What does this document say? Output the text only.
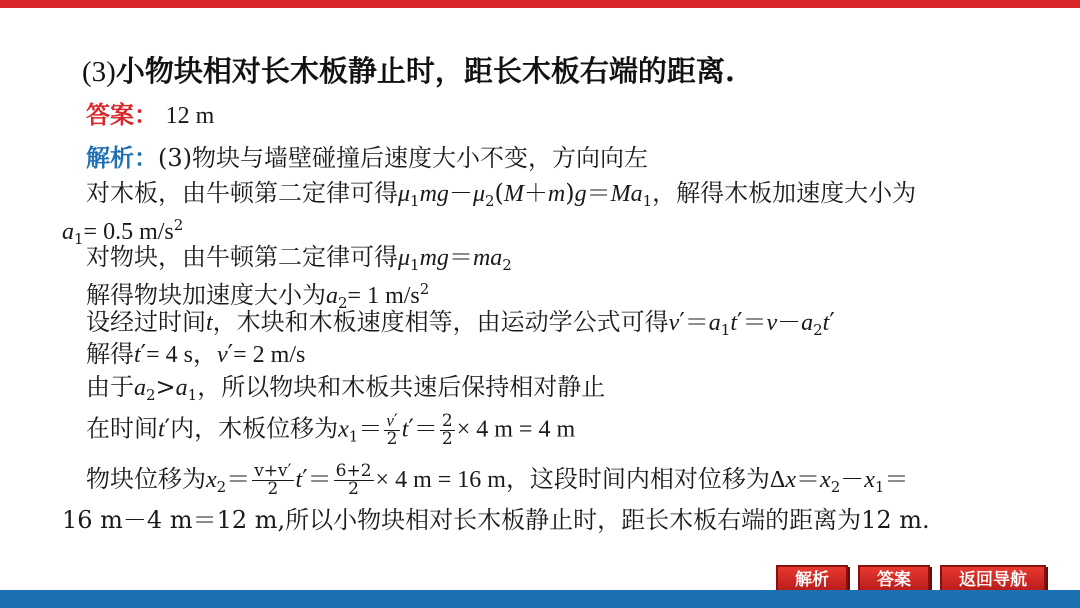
(3)小物块相对长木板静止时，距长木板右端的距离.
答案： 12 m
解析：(3)物块与墙壁碰撞后速度大小不变，方向向左
对木板，由牛顿第二定律可得$\mu_1mg-\mu_2(M+m)g=Ma_1$，解得木板加速度大小为
$a_1= 0.5$ $m/s^2$
对物块，由牛顿第二定律可得$\mu_1mg=ma_2$
解得物块加速度大小为$a_2= 1$ $m/s^2$
设经过时间t，木块和木板速度相等，由运动学公式可得$v'=a_1t'=v-a_2t'$
解得t′= 4 s，v′= 2 m/s
由于$a_2>a_1$，所以物块和木板共速后保持相对静止
在时间t′内，木板位移为$x_1= \frac{v'}{2} t'= \frac{2}{2} \times 4$ m = 4 m
物块位移为$x_2= \frac{v+v'}{2} t'= \frac{6+2}{2} \times 4$ m = 16 m，这段时间内相对位移为$\Delta x=x_2-x_1=$
16 m－4 m＝12 m,所以小物块相对长木板静止时，距长木板右端的距离为12 m.
解析	答案	返回导航
